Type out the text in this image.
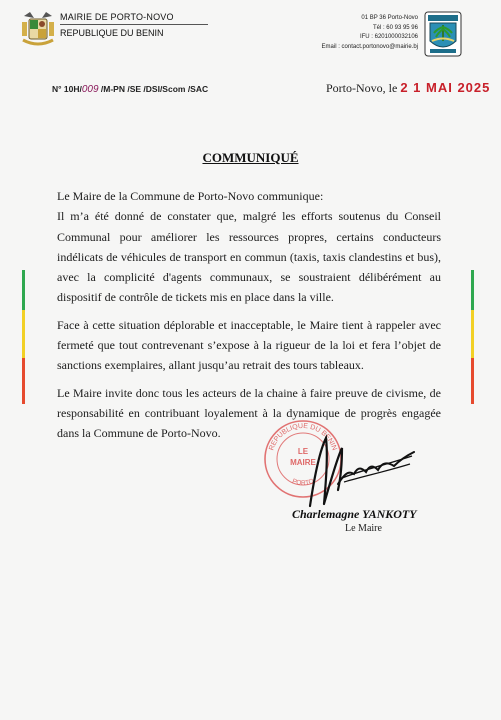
MAIRIE DE PORTO-NOVO
REPUBLIQUE DU BENIN
01 BP 36 Porto-Novo
Tél : 60 93 95 96
IFU : 6201000032106
Email : contact.portonovo@mairie.bj
N° 10H/009 /M-PN /SE /DSI/Scom /SAC	Porto-Novo, le 2 1 MAI 2025
COMMUNIQUÉ

Le Maire de la Commune de Porto-Novo communique:

Il m’a été donné de constater que, malgré les efforts soutenus du Conseil Communal pour améliorer les ressources propres, certains conducteurs indélicats de véhicules de transport en commun (taxis, taxis clandestins et bus), avec la complicité d'agents communaux, se soustraient délibérément au dispositif de contrôle de tickets mis en place dans la ville.

Face à cette situation déplorable et inacceptable, le Maire tient à rappeler avec fermeté que tout contrevenant s’expose à la rigueur de la loi et fera l’objet de sanctions exemplaires, allant jusqu’au retrait des tours tableaux.

Le Maire invite donc tous les acteurs de la chaine à faire preuve de civisme, de responsabilité en contribuant loyalement à la dynamique de progrès engagée dans la Commune de Porto-Novo.

REPUBLIQUE DU BENIN
LE
MAIRE
PORTO
Charlemagne YANKOTY
Le Maire
